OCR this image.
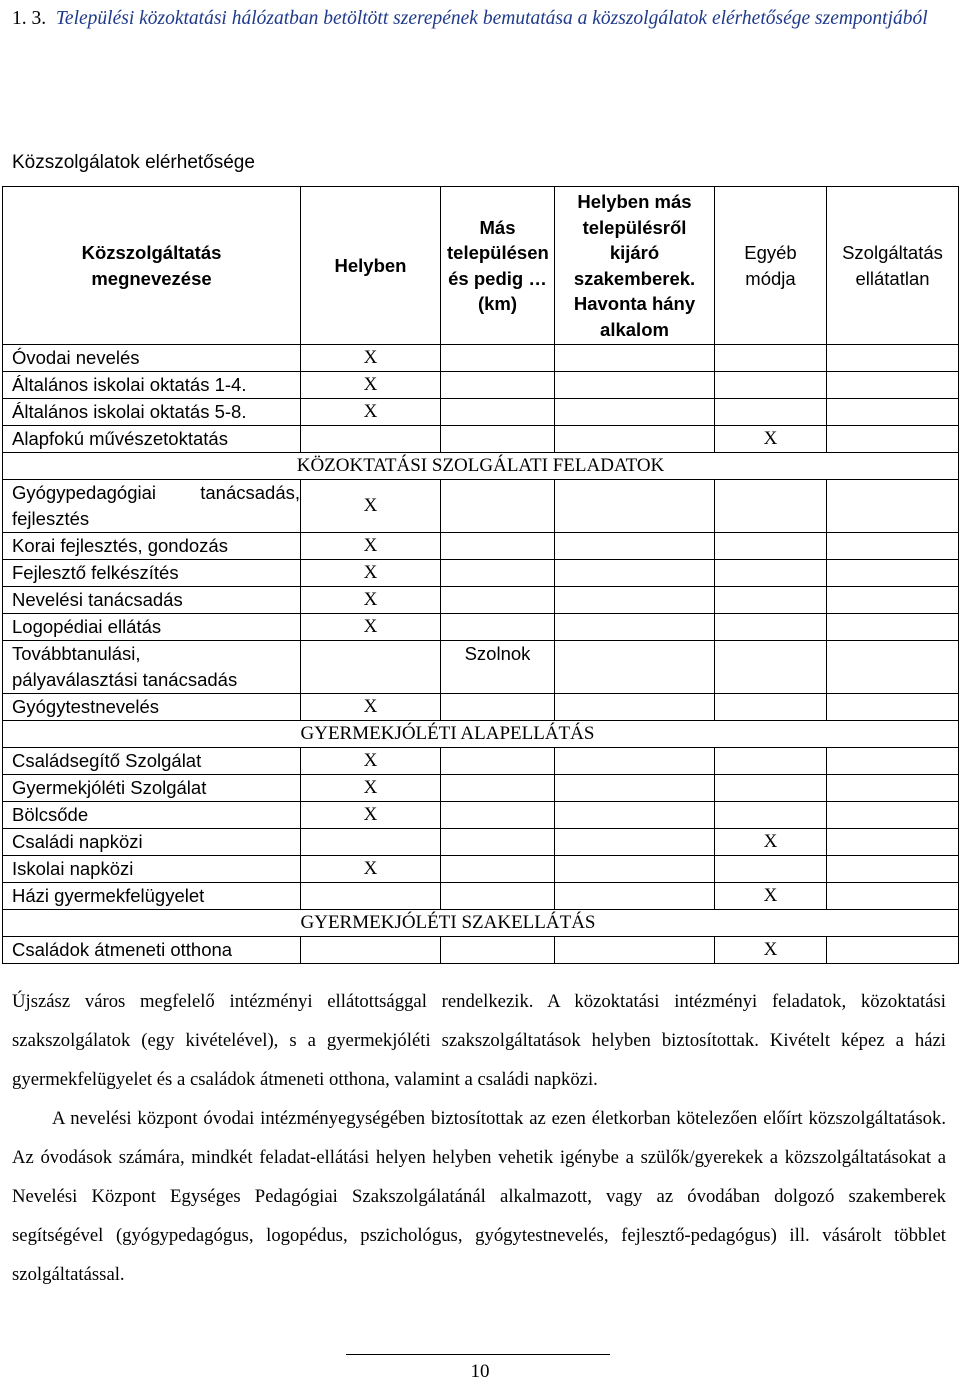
1. 3. Települési közoktatási hálózatban betöltött szerepének bemutatása a közszolgálatok elérhetősége szempontjából
Közszolgálatok elérhetősége
Közszolgáltatás megnevezése	Helyben	Más településen és pedig … (km)	Helyben más településről kijáró szakemberek. Havonta hány alkalom	Egyéb módja	Szolgáltatás ellátatlan
Óvodai nevelés	X				
Általános iskolai oktatás 1-4.	X				
Általános iskolai oktatás 5-8.	X				
Alapfokú művészetoktatás				X	
KÖZOKTATÁSI SZOLGÁLATI FELADATOK					

Gyógypedagógiai tanácsadás,
fejlesztés	X				
Korai fejlesztés, gondozás	X				
Fejlesztő felkészítés	X				
Nevelési tanácsadás	X				
Logopédiai ellátás	X				
Továbbtanulási, pályaválasztási tanácsadás		Szolnok			
Gyógytestnevelés	X				
	GYERMEKJÓLÉTI ALAPELLÁTÁS				
Családsegítő Szolgálat	X				
Gyermekjóléti Szolgálat	X				
Bölcsőde	X				
Családi napközi				X	
Iskolai napközi	X				
Házi gyermekfelügyelet				X	
	GYERMEKJÓLÉTI SZAKELLÁTÁS				
Családok átmeneti otthona				X	
Újszász város megfelelő intézményi ellátottsággal rendelkezik. A közoktatási intézményi feladatok, közoktatási szakszolgálatok (egy kivételével), s a gyermekjóléti szakszolgáltatások helyben biztosítottak. Kivételt képez a házi gyermekfelügyelet és a családok átmeneti otthona, valamint a családi napközi.
A nevelési központ óvodai intézményegységében biztosítottak az ezen életkorban kötelezően előírt közszolgáltatások. Az óvodások számára, mindkét feladat-ellátási helyen helyben vehetik igénybe a szülők/gyerekek a közszolgáltatásokat a Nevelési Központ Egységes Pedagógiai Szakszolgálatánál alkalmazott, vagy az óvodában dolgozó szakemberek segítségével (gyógypedagógus, logopédus, pszichológus, gyógytestnevelés, fejlesztő-pedagógus) ill. vásárolt többlet szolgáltatással.
10
